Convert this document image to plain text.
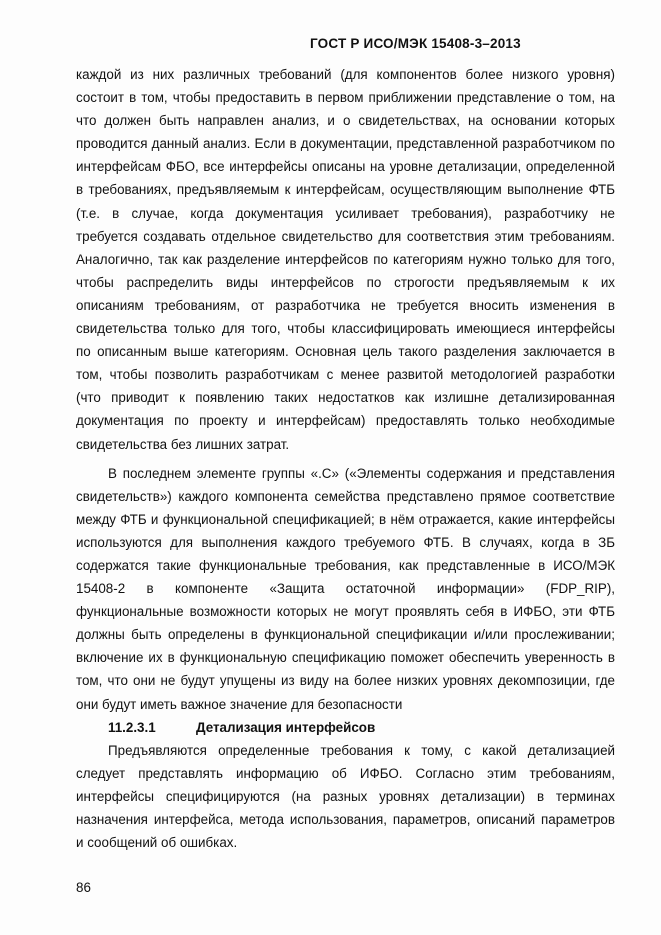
ГОСТ Р ИСО/МЭК 15408-3–2013
каждой из них различных требований (для компонентов более низкого уровня)
состоит в том, чтобы предоставить в первом приближении представление о том, на
что должен быть направлен анализ, и о свидетельствах, на основании которых
проводится данный анализ. Если в документации, представленной разработчиком по
интерфейсам ФБО, все интерфейсы описаны на уровне детализации, определенной
в требованиях, предъявляемым к интерфейсам, осуществляющим выполнение ФТБ
(т.е. в случае, когда документация усиливает требования), разработчику не
требуется создавать отдельное свидетельство для соответствия этим требованиям.
Аналогично, так как разделение интерфейсов по категориям нужно только для того,
чтобы распределить виды интерфейсов по строгости предъявляемым к их
описаниям требованиям, от разработчика не требуется вносить изменения в
свидетельства только для того, чтобы классифицировать имеющиеся интерфейсы
по описанным выше категориям. Основная цель такого разделения заключается в
том, чтобы позволить разработчикам с менее развитой методологией разработки
(что приводит к появлению таких недостатков как излишне детализированная
документация по проекту и интерфейсам) предоставлять только необходимые
свидетельства без лишних затрат.
В последнем элементе группы «.C» («Элементы содержания и представления
свидетельств») каждого компонента семейства представлено прямое соответствие
между ФТБ и функциональной спецификацией; в нём отражается, какие интерфейсы
используются для выполнения каждого требуемого ФТБ. В случаях, когда в ЗБ
содержатся такие функциональные требования, как представленные в ИСО/МЭК
15408-2 в компоненте «Защита остаточной информации» (FDP_RIP),
функциональные возможности которых не могут проявлять себя в ИФБО, эти ФТБ
должны быть определены в функциональной спецификации и/или прослеживании;
включение их в функциональную спецификацию поможет обеспечить уверенность в
том, что они не будут упущены из виду на более низких уровнях декомпозиции, где
они будут иметь важное значение для безопасности
11.2.3.1	Детализация интерфейсов
Предъявляются определенные требования к тому, с какой детализацией
следует представлять информацию об ИФБО. Согласно этим требованиям,
интерфейсы специфицируются (на разных уровнях детализации) в терминах
назначения интерфейса, метода использования, параметров, описаний параметров
и сообщений об ошибках.
86
